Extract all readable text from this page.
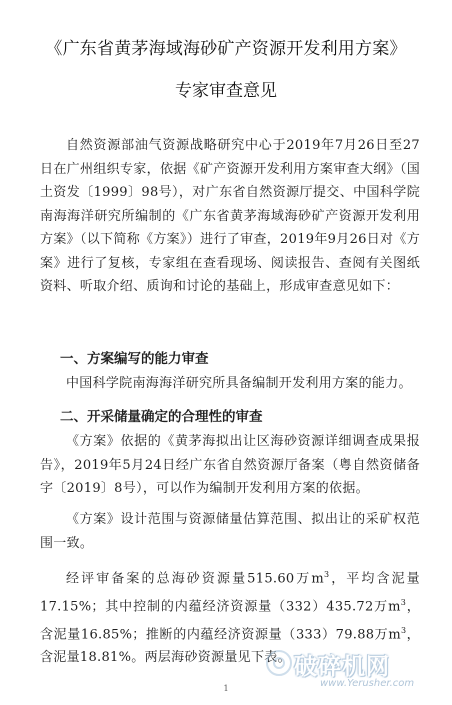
《广东省黄茅海域海砂矿产资源开发利用方案》
专家审查意见

自然资源部油气资源战略研究中心于2019年7月26日至27日在广州组织专家，依据《矿产资源开发利用方案审查大纲》（国土资发〔1999〕98号），对广东省自然资源厅提交、中国科学院南海海洋研究所编制的《广东省黄茅海域海砂矿产资源开发利用方案》（以下简称《方案》）进行了审查，2019年9月26日对《方案》进行了复核，专家组在查看现场、阅读报告、查阅有关图纸资料、听取介绍、质询和讨论的基础上，形成审查意见如下：

一、方案编写的能力审查

中国科学院南海海洋研究所具备编制开发利用方案的能力。

二、开采储量确定的合理性的审查

《方案》依据的《黄茅海拟出让区海砂资源详细调查成果报告》，2019年5月24日经广东省自然资源厅备案（粤自然资储备字〔2019〕8号），可以作为编制开发利用方案的依据。

《方案》设计范围与资源储量估算范围、拟出让的采矿权范围一致。

经评审备案的总海砂资源量515.60万$m^3$，平均含泥量17.15%；其中控制的内蕴经济资源量（332）435.72万$m^3$，含泥量16.85%；推断的内蕴经济资源量（333）79.88万$m^3$，含泥量18.81%。两层海砂资源量见下表。

1
破碎机网
www.Yerusher.com
